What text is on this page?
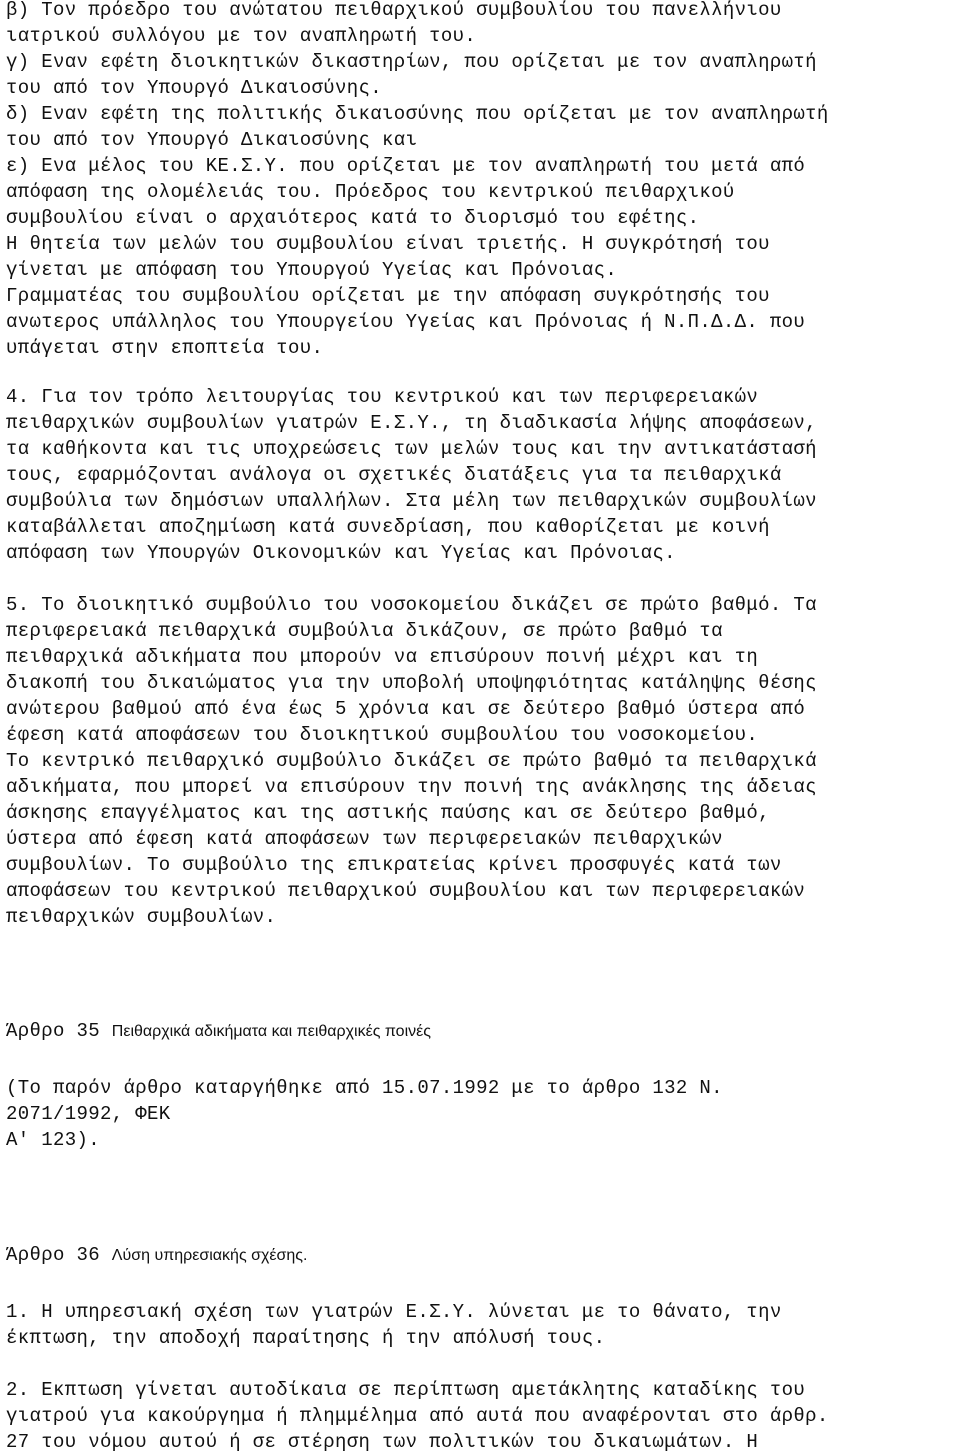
β) Τον πρόεδρο του ανώτατου πειθαρχικού συμβουλίου του πανελλήνιου
ιατρικού συλλόγου με τον αναπληρωτή του.
γ) Εναν εφέτη διοικητικών δικαστηρίων, που ορίζεται με τον αναπληρωτή
του από τον Υπουργό Δικαιοσύνης.
δ) Εναν εφέτη της πολιτικής δικαιοσύνης που ορίζεται με τον αναπληρωτή
του από τον Υπουργό Δικαιοσύνης και
ε) Ενα μέλος του ΚΕ.Σ.Υ. που ορίζεται με τον αναπληρωτή του μετά από
απόφαση της ολομέλειάς του. Πρόεδρος του κεντρικού πειθαρχικού
συμβουλίου είναι ο αρχαιότερος κατά το διορισμό του εφέτης.
Η θητεία των μελών του συμβουλίου είναι τριετής. Η συγκρότησή του
γίνεται με απόφαση του Υπουργού Υγείας και Πρόνοιας.
Γραμματέας του συμβουλίου ορίζεται με την απόφαση συγκρότησής του
ανωτερος υπάλληλος του Υπουργείου Υγείας και Πρόνοιας ή Ν.Π.Δ.Δ. που
υπάγεται στην εποπτεία του.
4. Για τον τρόπο λειτουργίας του κεντρικού και των περιφερειακών
πειθαρχικών συμβουλίων γιατρών Ε.Σ.Υ., τη διαδικασία λήψης αποφάσεων,
τα καθήκοντα και τις υποχρεώσεις των μελών τους και την αντικατάστασή
τους, εφαρμόζονται ανάλογα οι σχετικές διατάξεις για τα πειθαρχικά
συμβούλια των δημόσιων υπαλλήλων. Στα μέλη των πειθαρχικών συμβουλίων
καταβάλλεται αποζημίωση κατά συνεδρίαση, που καθορίζεται με κοινή
απόφαση των Υπουργών Οικονομικών και Υγείας και Πρόνοιας.
5. Το διοικητικό συμβούλιο του νοσοκομείου δικάζει σε πρώτο βαθμό. Τα
περιφερειακά πειθαρχικά συμβούλια δικάζουν, σε πρώτο βαθμό τα
πειθαρχικά αδικήματα που μπορούν να επισύρουν ποινή μέχρι και τη
διακοπή του δικαιώματος για την υποβολή υποψηφιότητας κατάληψης θέσης
ανώτερου βαθμού από ένα έως 5 χρόνια και σε δεύτερο βαθμό ύστερα από
έφεση κατά αποφάσεων του διοικητικού συμβουλίου του νοσοκομείου.
Το κεντρικό πειθαρχικό συμβούλιο δικάζει σε πρώτο βαθμό τα πειθαρχικά
αδικήματα, που μπορεί να επισύρουν την ποινή της ανάκλησης της άδειας
άσκησης επαγγέλματος και της αστικής παύσης και σε δεύτερο βαθμό,
ύστερα από έφεση κατά αποφάσεων των περιφερειακών πειθαρχικών
συμβουλίων. Το συμβούλιο της επικρατείας κρίνει προσφυγές κατά των
αποφάσεων του κεντρικού πειθαρχικού συμβουλίου και των περιφερειακών
πειθαρχικών συμβουλίων.
Άρθρο 35 Πειθαρχικά αδικήματα και πειθαρχικές ποινές
(Το παρόν άρθρο καταργήθηκε από 15.07.1992 με το άρθρο 132 Ν.
2071/1992, ΦΕΚ
Α' 123).
Άρθρο 36 Λύση υπηρεσιακής σχέσης.
1. Η υπηρεσιακή σχέση των γιατρών Ε.Σ.Υ. λύνεται με το θάνατο, την
έκπτωση, την αποδοχή παραίτησης ή την απόλυσή τους.
2. Εκπτωση γίνεται αυτοδίκαια σε περίπτωση αμετάκλητης καταδίκης του
γιατρού για κακούργημα ή πλημμέλημα από αυτά που αναφέρονται στο άρθρ.
27 του νόμου αυτού ή σε στέρηση των πολιτικών του δικαιωμάτων. Η
